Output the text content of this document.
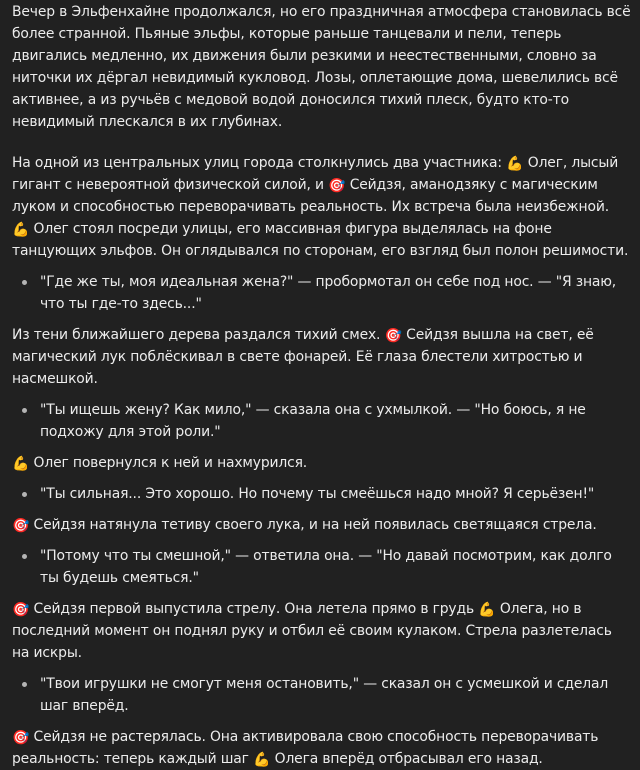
Вечер в Эльфенхайне продолжался, но его праздничная атмосфера становилась всё более странной. Пьяные эльфы, которые раньше танцевали и пели, теперь двигались медленно, их движения были резкими и неестественными, словно за ниточки их дёргал невидимый кукловод. Лозы, оплетающие дома, шевелились всё активнее, а из ручьёв с медовой водой доносился тихий плеск, будто кто-то невидимый плескался в их глубинах.

На одной из центральных улиц города столкнулись два участника: 💪 Олег, лысый гигант с невероятной физической силой, и 🎯 Сейдзя, аманодзяку с магическим луком и способностью переворачивать реальность. Их встреча была неизбежной.
💪 Олег стоял посреди улицы, его массивная фигура выделялась на фоне танцующих эльфов. Он оглядывался по сторонам, его взгляд был полон решимости.

"Где же ты, моя идеальная жена?" — пробормотал он себе под нос. — "Я знаю, что ты где-то здесь..."

Из тени ближайшего дерева раздался тихий смех. 🎯 Сейдзя вышла на свет, её магический лук поблёскивал в свете фонарей. Её глаза блестели хитростью и насмешкой.

"Ты ищешь жену? Как мило," — сказала она с ухмылкой. — "Но боюсь, я не подхожу для этой роли."

💪 Олег повернулся к ней и нахмурился.

"Ты сильная... Это хорошо. Но почему ты смеёшься надо мной? Я серьёзен!"

🎯 Сейдзя натянула тетиву своего лука, и на ней появилась светящаяся стрела.

"Потому что ты смешной," — ответила она. — "Но давай посмотрим, как долго ты будешь смеяться."

🎯 Сейдзя первой выпустила стрелу. Она летела прямо в грудь 💪 Олега, но в последний момент он поднял руку и отбил её своим кулаком. Стрела разлетелась на искры.

"Твои игрушки не смогут меня остановить," — сказал он с усмешкой и сделал шаг вперёд.

🎯 Сейдзя не растерялась. Она активировала свою способность переворачивать реальность: теперь каждый шаг 💪 Олега вперёд отбрасывал его назад.
